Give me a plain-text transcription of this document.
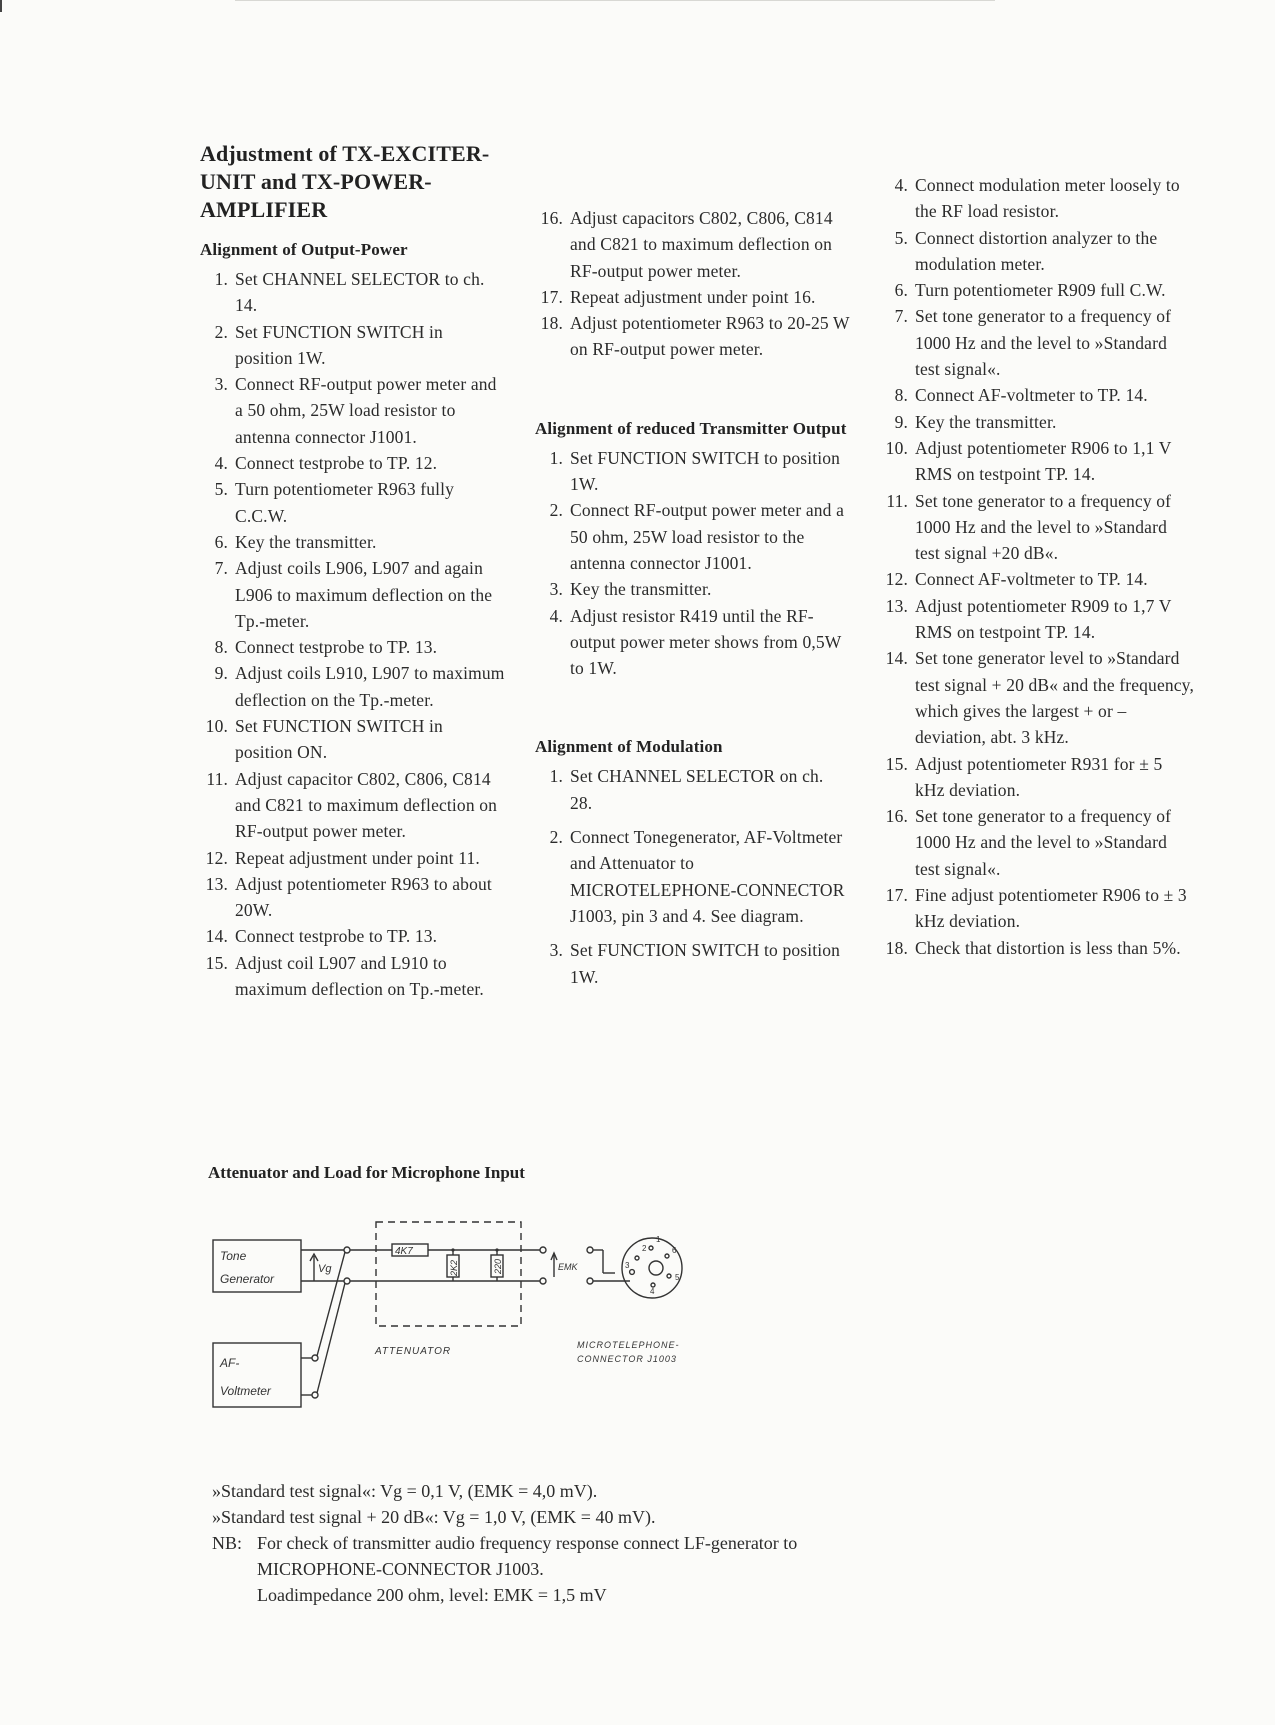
Adjustment of TX-EXCITER-UNIT and TX-POWER-AMPLIFIER
Alignment of Output-Power
1. Set CHANNEL SELECTOR to ch. 14.
2. Set FUNCTION SWITCH in position 1W.
3. Connect RF-output power meter and a 50 ohm, 25W load resistor to antenna connector J1001.
4. Connect testprobe to TP. 12.
5. Turn potentiometer R963 fully C.C.W.
6. Key the transmitter.
7. Adjust coils L906, L907 and again L906 to maximum deflection on the Tp.-meter.
8. Connect testprobe to TP. 13.
9. Adjust coils L910, L907 to maximum deflection on the Tp.-meter.
10. Set FUNCTION SWITCH in position ON.
11. Adjust capacitor C802, C806, C814 and C821 to maximum deflection on RF-output power meter.
12. Repeat adjustment under point 11.
13. Adjust potentiometer R963 to about 20W.
14. Connect testprobe to TP. 13.
15. Adjust coil L907 and L910 to maximum deflection on Tp.-meter.
16. Adjust capacitors C802, C806, C814 and C821 to maximum deflection on RF-output power meter.
17. Repeat adjustment under point 16.
18. Adjust potentiometer R963 to 20-25 W on RF-output power meter.
Alignment of reduced Transmitter Output
1. Set FUNCTION SWITCH to position 1W.
2. Connect RF-output power meter and a 50 ohm, 25W load resistor to the antenna connector J1001.
3. Key the transmitter.
4. Adjust resistor R419 until the RF-output power meter shows from 0,5W to 1W.
Alignment of Modulation
1. Set CHANNEL SELECTOR on ch. 28.
2. Connect Tonegenerator, AF-Voltmeter and Attenuator to MICROTELEPHONE-CONNECTOR J1003, pin 3 and 4. See diagram.
3. Set FUNCTION SWITCH to position 1W.
4. Connect modulation meter loosely to the RF load resistor.
5. Connect distortion analyzer to the modulation meter.
6. Turn potentiometer R909 full C.W.
7. Set tone generator to a frequency of 1000 Hz and the level to »Standard test signal«.
8. Connect AF-voltmeter to TP. 14.
9. Key the transmitter.
10. Adjust potentiometer R906 to 1,1 V RMS on testpoint TP. 14.
11. Set tone generator to a frequency of 1000 Hz and the level to »Standard test signal +20 dB«.
12. Connect AF-voltmeter to TP. 14.
13. Adjust potentiometer R909 to 1,7 V RMS on testpoint TP. 14.
14. Set tone generator level to »Standard test signal + 20 dB« and the frequency, which gives the largest + or – deviation, abt. 3 kHz.
15. Adjust potentiometer R931 for ± 5 kHz deviation.
16. Set tone generator to a frequency of 1000 Hz and the level to »Standard test signal«.
17. Fine adjust potentiometer R906 to ± 3 kHz deviation.
18. Check that distortion is less than 5%.
Attenuator and Load for Microphone Input
Tone
Generator
AF-
Voltmeter
Vg
4K7
2K2	220
ATTENUATOR
EMK
2
1
6
3
4
5
MICROTELEPHONE-
CONNECTOR J1003

»Standard test signal«: Vg = 0,1 V, (EMK = 4,0 mV).

»Standard test signal + 20 dB«: Vg = 1,0 V, (EMK = 40 mV).

NB: For check of transmitter audio frequency response connect LF-generator to MICROPHONE-CONNECTOR J1003.

Loadimpedance 200 ohm, level: EMK = 1,5 mV
